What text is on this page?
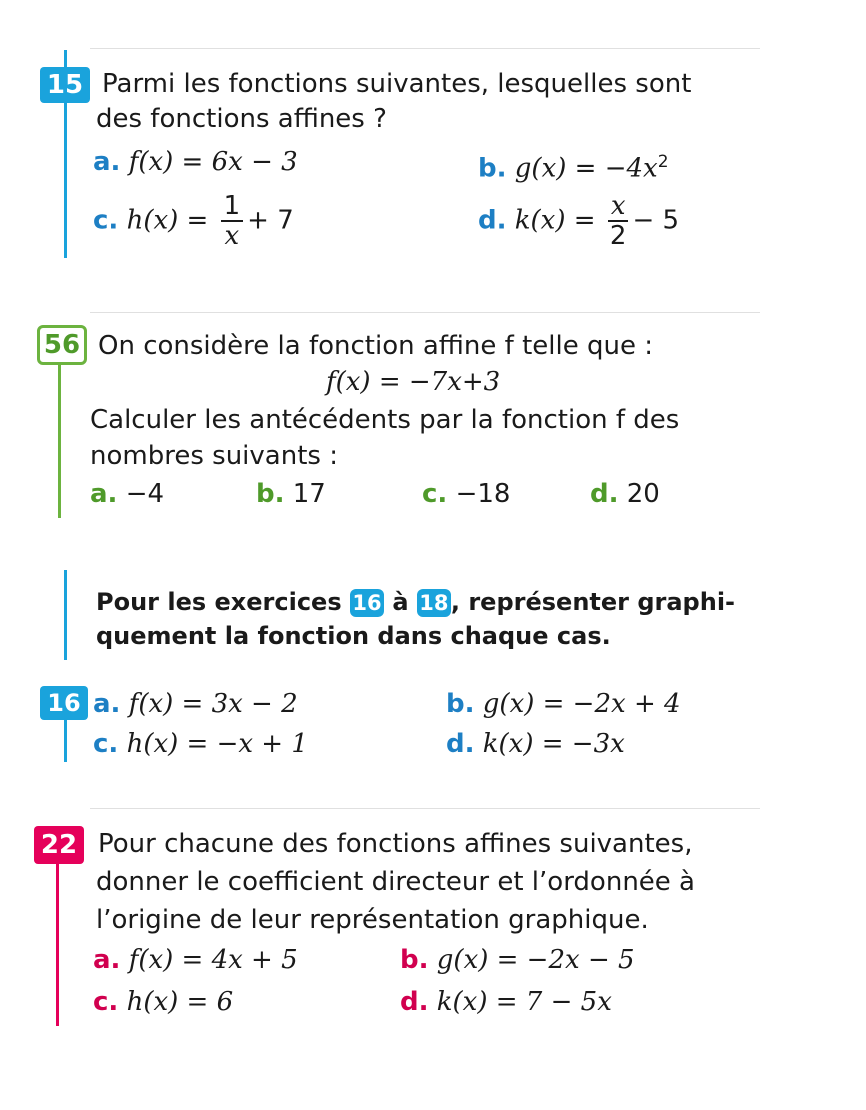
15 Parmi les fonctions suivantes, lesquelles sont
des fonctions affines ?
a. f(x) = 6x − 3	b. $g(x) = -4x^2$
c. $h(x) = \frac{1}{x} + 7$	d. $k(x) = \frac{x}{2} - 5$
56 On considère la fonction affine f telle que :
f(x) = −7x+3
Calculer les antécédents par la fonction f des
nombres suivants :
a. −4	b. 17	c. −18	d. 20
Pour les exercices 16 à 18, représenter graphi-
quement la fonction dans chaque cas.
16 a. f(x) = 3x − 2	b. g(x) = −2x + 4
c. h(x) = −x + 1	d. k(x) = −3x
22 Pour chacune des fonctions affines suivantes,
donner le coefficient directeur et l’ordonnée à
l’origine de leur représentation graphique.
a. f(x) = 4x + 5	b. g(x) = −2x − 5
c. h(x) = 6	d. k(x) = 7 − 5x
